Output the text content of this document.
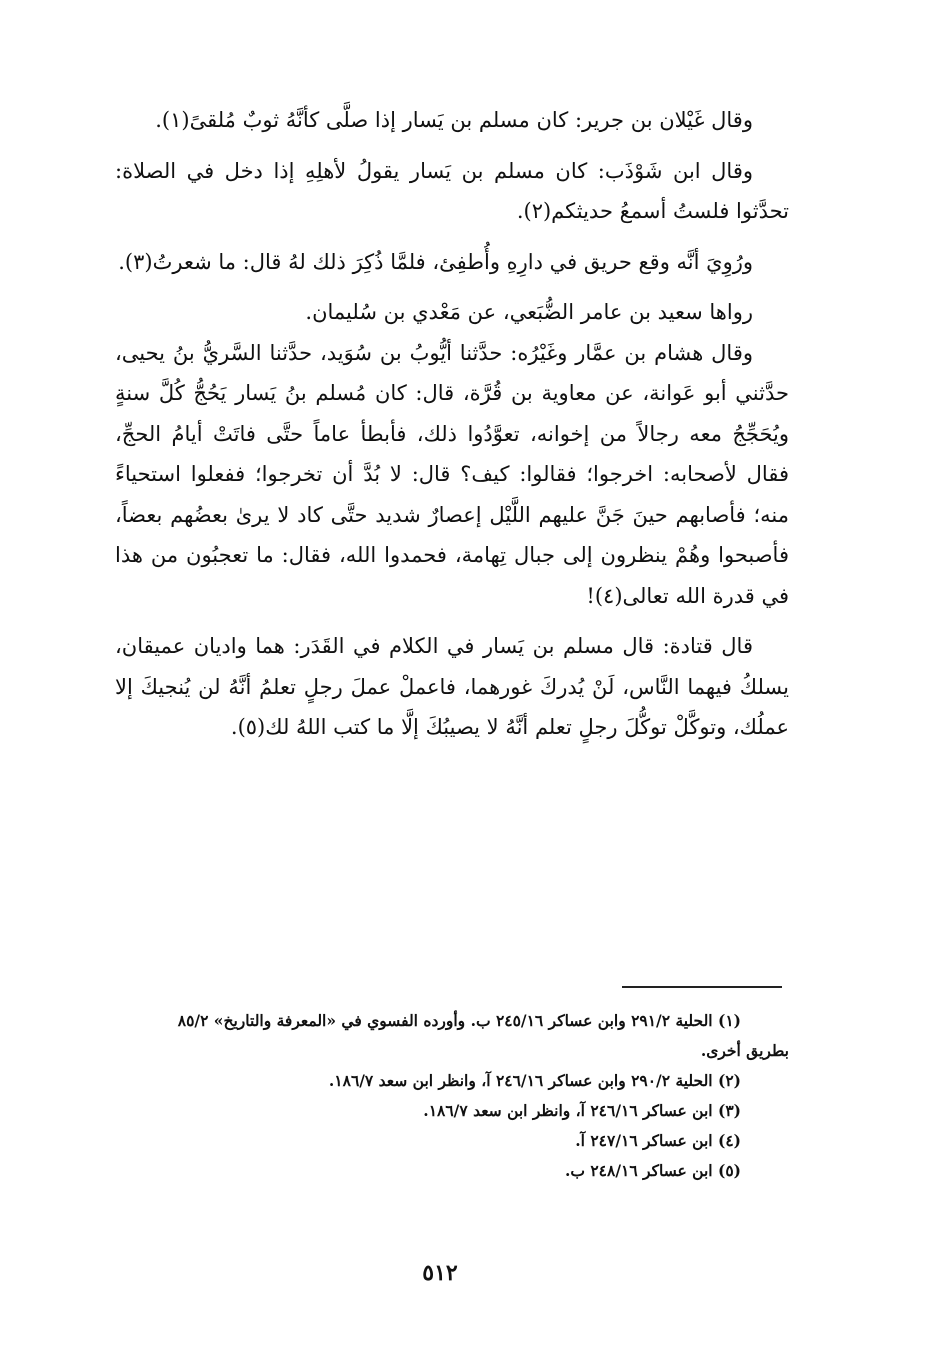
وقال غَيْلان بن جرير: كان مسلم بن يَسار إذا صلَّى كأنَّهُ ثوبٌ مُلقىً(١).

وقال ابن شَوْذَب: كان مسلم بن يَسار يقولُ لأهلِهِ إذا دخل في الصلاة: تحدَّثوا فلستُ أسمعُ حديثكم(٢).

ورُوِيَ أنَّه وقع حريق في دارِهِ وأُطفِئ، فلمَّا ذُكِرَ ذلك لهُ قال: ما شعرتُ(٣).

رواها سعيد بن عامر الضُّبَعي، عن مَعْدي بن سُليمان.

وقال هشام بن عمَّار وغَيْرُه: حدَّثنا أيُّوبُ بن سُوَيد، حدَّثنا السَّريُّ بنُ يحيى، حدَّثني أبو عَوانة، عن معاوية بن قُرَّة، قال: كان مُسلم بنُ يَسار يَحُجُّ كُلَّ سنةٍ ويُحَجِّجُ معه رجالاً من إخوانه، تعوَّدُوا ذلك، فأبطأ عاماً حتَّى فاتَتْ أيامُ الحجِّ، فقال لأصحابه: اخرجوا؛ فقالوا: كيف؟ قال: لا بُدَّ أن تخرجوا؛ ففعلوا استحياءً منه؛ فأصابهم حينَ جَنَّ عليهم اللَّيْل إعصارٌ شديد حتَّى كاد لا يرىٰ بعضُهم بعضاً، فأصبحوا وهُمْ ينظرون إلى جبال تِهامة، فحمدوا الله، فقال: ما تعجبُون من هذا في قدرة الله تعالى(٤)!

قال قتادة: قال مسلم بن يَسار في الكلام في القَدَر: هما واديان عميقان، يسلكُ فيهما النَّاس، لَنْ يُدركَ غورهما، فاعملْ عملَ رجلٍ تعلمُ أنَّهُ لن يُنجيكَ إلا عملُك، وتوكَّلْ توكُّلَ رجلٍ تعلم أنَّهُ لا يصيبُكَ إلَّا ما كتب اللهُ لك(٥).

(١) الحلية ٢٩١/٢ وابن عساكر ٢٤٥/١٦ ب. وأورده الفسوي في «المعرفة والتاريخ» ٨٥/٢

بطريق أخرى.

(٢) الحلية ٢٩٠/٢ وابن عساكر ٢٤٦/١٦ آ، وانظر ابن سعد ١٨٦/٧.

(٣) ابن عساكر ٢٤٦/١٦ آ، وانظر ابن سعد ١٨٦/٧.

(٤) ابن عساكر ٢٤٧/١٦ آ.

(٥) ابن عساكر ٢٤٨/١٦ ب.

٥١٢
